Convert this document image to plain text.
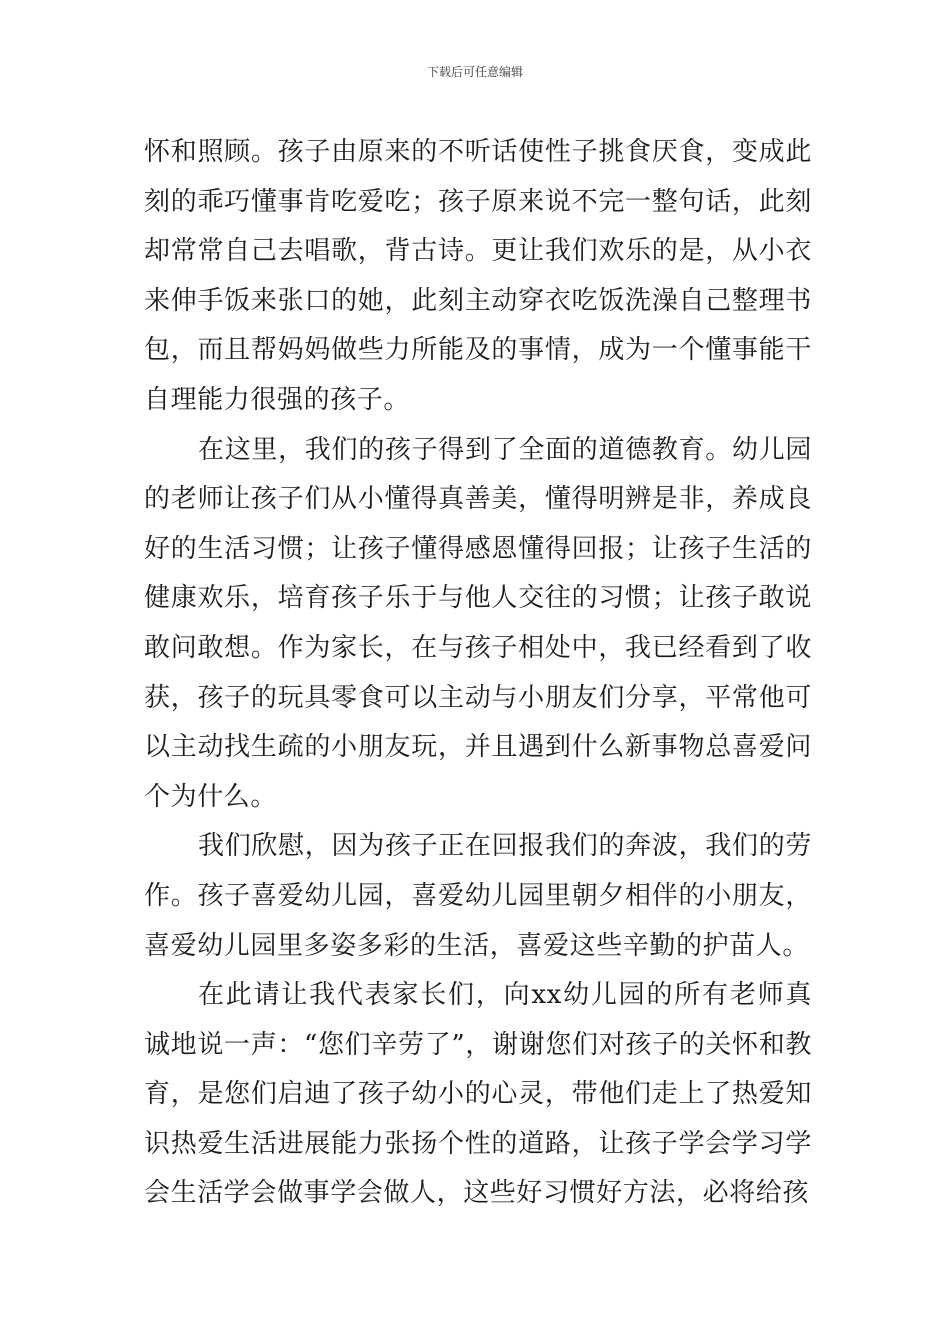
下载后可任意编辑

怀和照顾。孩子由原来的不听话使性子挑食厌食，变成此刻的乖巧懂事肯吃爱吃；孩子原来说不完一整句话，此刻却常常自己去唱歌，背古诗。更让我们欢乐的是，从小衣来伸手饭来张口的她，此刻主动穿衣吃饭洗澡自己整理书包，而且帮妈妈做些力所能及的事情，成为一个懂事能干自理能力很强的孩子。

在这里，我们的孩子得到了全面的道德教育。幼儿园的老师让孩子们从小懂得真善美，懂得明辨是非，养成良好的生活习惯；让孩子懂得感恩懂得回报；让孩子生活的健康欢乐，培育孩子乐于与他人交往的习惯；让孩子敢说敢问敢想。作为家长，在与孩子相处中，我已经看到了收获，孩子的玩具零食可以主动与小朋友们分享，平常他可以主动找生疏的小朋友玩，并且遇到什么新事物总喜爱问个为什么。

我们欣慰，因为孩子正在回报我们的奔波，我们的劳作。孩子喜爱幼儿园，喜爱幼儿园里朝夕相伴的小朋友，喜爱幼儿园里多姿多彩的生活，喜爱这些辛勤的护苗人。

在此请让我代表家长们，向xx幼儿园的所有老师真诚地说一声：“您们辛劳了”，谢谢您们对孩子的关怀和教育，是您们启迪了孩子幼小的心灵，带他们走上了热爱知识热爱生活进展能力张扬个性的道路，让孩子学会学习学会生活学会做事学会做人，这些好习惯好方法，必将给孩
